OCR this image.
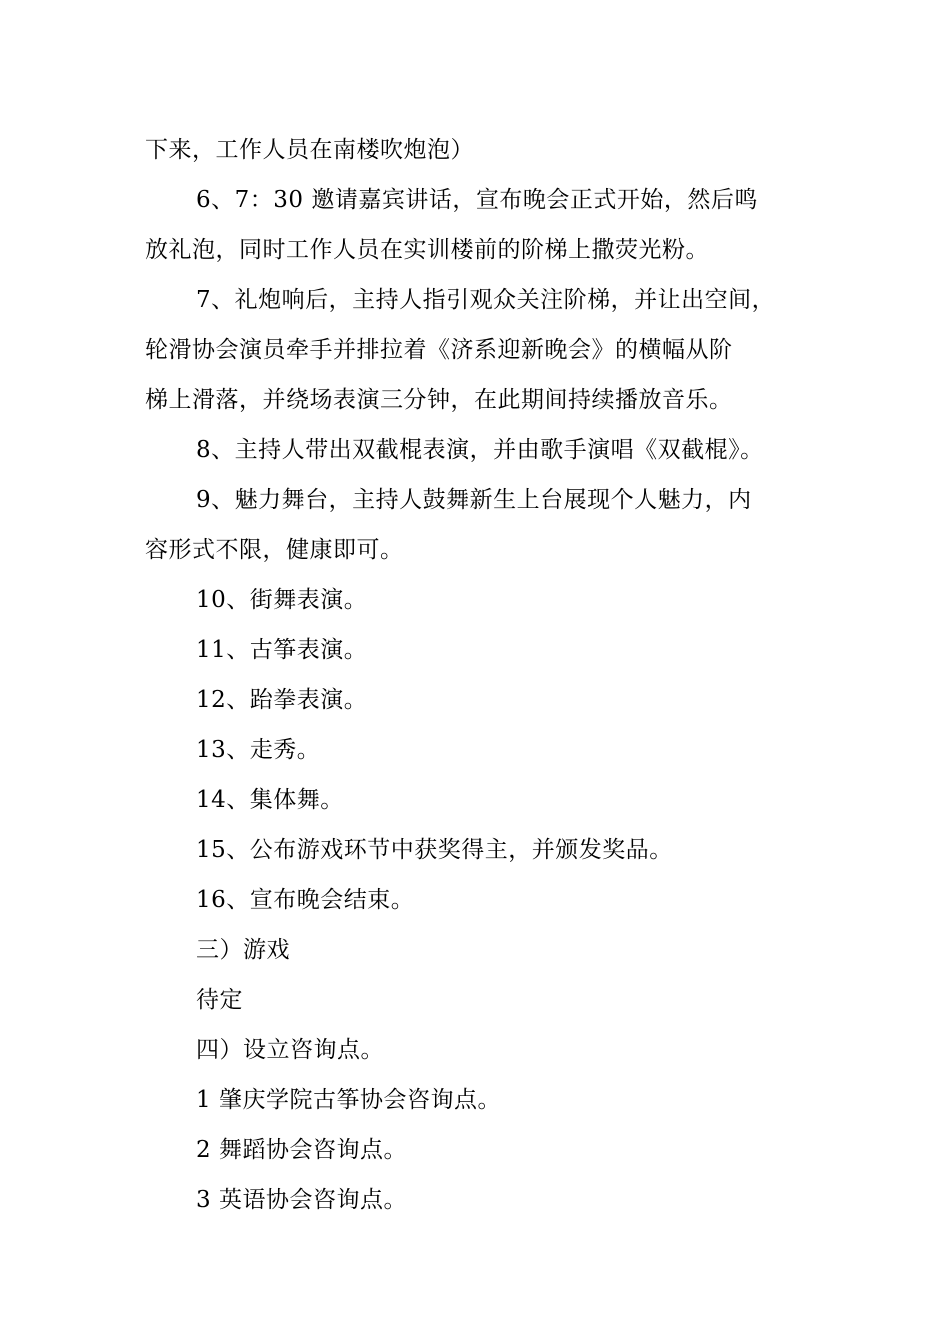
下来，工作人员在南楼吹炮泡）
6、7：30 邀请嘉宾讲话，宣布晚会正式开始，然后鸣
放礼泡，同时工作人员在实训楼前的阶梯上撒荧光粉。
7、礼炮响后，主持人指引观众关注阶梯，并让出空间，
轮滑协会演员牵手并排拉着《济系迎新晚会》的横幅从阶
梯上滑落，并绕场表演三分钟，在此期间持续播放音乐。
8、主持人带出双截棍表演，并由歌手演唱《双截棍》。
9、魅力舞台，主持人鼓舞新生上台展现个人魅力，内
容形式不限，健康即可。
10、街舞表演。
11、古筝表演。
12、跆拳表演。
13、走秀。
14、集体舞。
15、公布游戏环节中获奖得主，并颁发奖品。
16、宣布晚会结束。
三）游戏
待定
四）设立咨询点。
1 肇庆学院古筝协会咨询点。
2 舞蹈协会咨询点。
3 英语协会咨询点。
